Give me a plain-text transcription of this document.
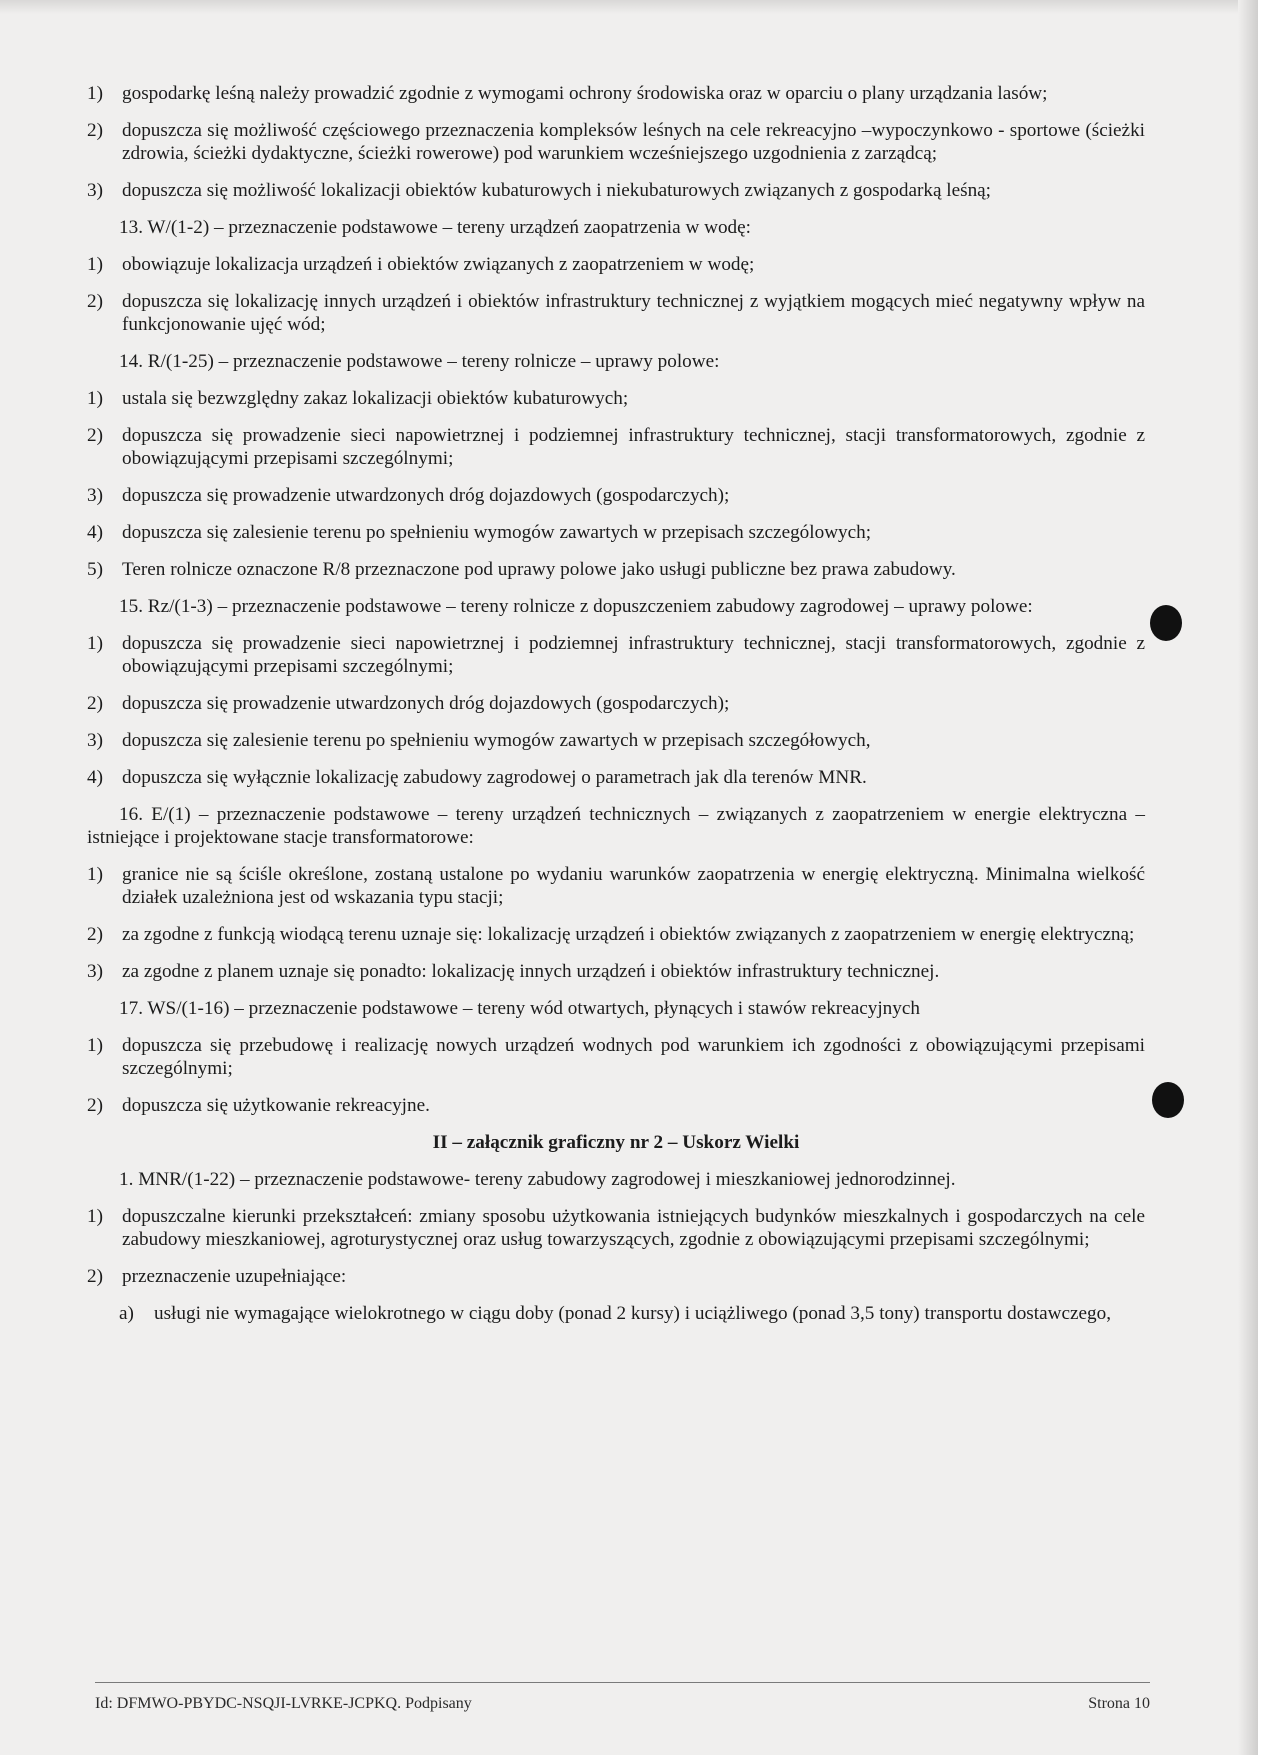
1) gospodarkę leśną należy prowadzić zgodnie z wymogami ochrony środowiska oraz w oparciu o plany urządzania lasów;
2) dopuszcza się możliwość częściowego przeznaczenia kompleksów leśnych na cele rekreacyjno –wypoczynkowo - sportowe (ścieżki zdrowia, ścieżki dydaktyczne, ścieżki rowerowe) pod warunkiem wcześniejszego uzgodnienia z zarządcą;
3) dopuszcza się możliwość lokalizacji obiektów kubaturowych i niekubaturowych związanych z gospodarką leśną;
13. W/(1-2) – przeznaczenie podstawowe – tereny urządzeń zaopatrzenia w wodę:
1) obowiązuje lokalizacja urządzeń i obiektów związanych z zaopatrzeniem w wodę;
2) dopuszcza się lokalizację innych urządzeń i obiektów infrastruktury technicznej z wyjątkiem mogących mieć negatywny wpływ na funkcjonowanie ujęć wód;
14. R/(1-25) – przeznaczenie podstawowe – tereny rolnicze – uprawy polowe:
1) ustala się bezwzględny zakaz lokalizacji obiektów kubaturowych;
2) dopuszcza się prowadzenie sieci napowietrznej i podziemnej infrastruktury technicznej, stacji transformatorowych, zgodnie z obowiązującymi przepisami szczególnymi;
3) dopuszcza się prowadzenie utwardzonych dróg dojazdowych (gospodarczych);
4) dopuszcza się zalesienie terenu po spełnieniu wymogów zawartych w przepisach szczególowych;
5) Teren rolnicze oznaczone R/8 przeznaczone pod uprawy polowe jako usługi publiczne bez prawa zabudowy.
15. Rz/(1-3) – przeznaczenie podstawowe – tereny rolnicze z dopuszczeniem zabudowy zagrodowej – uprawy polowe:
1) dopuszcza się prowadzenie sieci napowietrznej i podziemnej infrastruktury technicznej, stacji transformatorowych, zgodnie z obowiązującymi przepisami szczególnymi;
2) dopuszcza się prowadzenie utwardzonych dróg dojazdowych (gospodarczych);
3) dopuszcza się zalesienie terenu po spełnieniu wymogów zawartych w przepisach szczegółowych,
4) dopuszcza się wyłącznie lokalizację zabudowy zagrodowej o parametrach jak dla terenów MNR.
16. E/(1) – przeznaczenie podstawowe – tereny urządzeń technicznych – związanych z zaopatrzeniem w energie elektryczna – istniejące i projektowane stacje transformatorowe:
1) granice nie są ściśle określone, zostaną ustalone po wydaniu warunków zaopatrzenia w energię elektryczną. Minimalna wielkość działek uzależniona jest od wskazania typu stacji;
2) za zgodne z funkcją wiodącą terenu uznaje się: lokalizację urządzeń i obiektów związanych z zaopatrzeniem w energię elektryczną;
3) za zgodne z planem uznaje się ponadto: lokalizację innych urządzeń i obiektów infrastruktury technicznej.
17. WS/(1-16) – przeznaczenie podstawowe – tereny wód otwartych, płynących i stawów rekreacyjnych
1) dopuszcza się przebudowę i realizację nowych urządzeń wodnych pod warunkiem ich zgodności z obowiązującymi przepisami szczególnymi;
2) dopuszcza się użytkowanie rekreacyjne.
II – załącznik graficzny nr 2 – Uskorz Wielki
1. MNR/(1-22) – przeznaczenie podstawowe- tereny zabudowy zagrodowej i mieszkaniowej jednorodzinnej.
1) dopuszczalne kierunki przekształceń: zmiany sposobu użytkowania istniejących budynków mieszkalnych i gospodarczych na cele zabudowy mieszkaniowej, agroturystycznej oraz usług towarzyszących, zgodnie z obowiązującymi przepisami szczególnymi;
2) przeznaczenie uzupełniające:
a)	usługi nie wymagające wielokrotnego w ciągu doby (ponad 2 kursy) i uciążliwego (ponad 3,5 tony) transportu dostawczego,
Id: DFMWO-PBYDC-NSQJI-LVRKE-JCPKQ. Podpisany	Strona 10
